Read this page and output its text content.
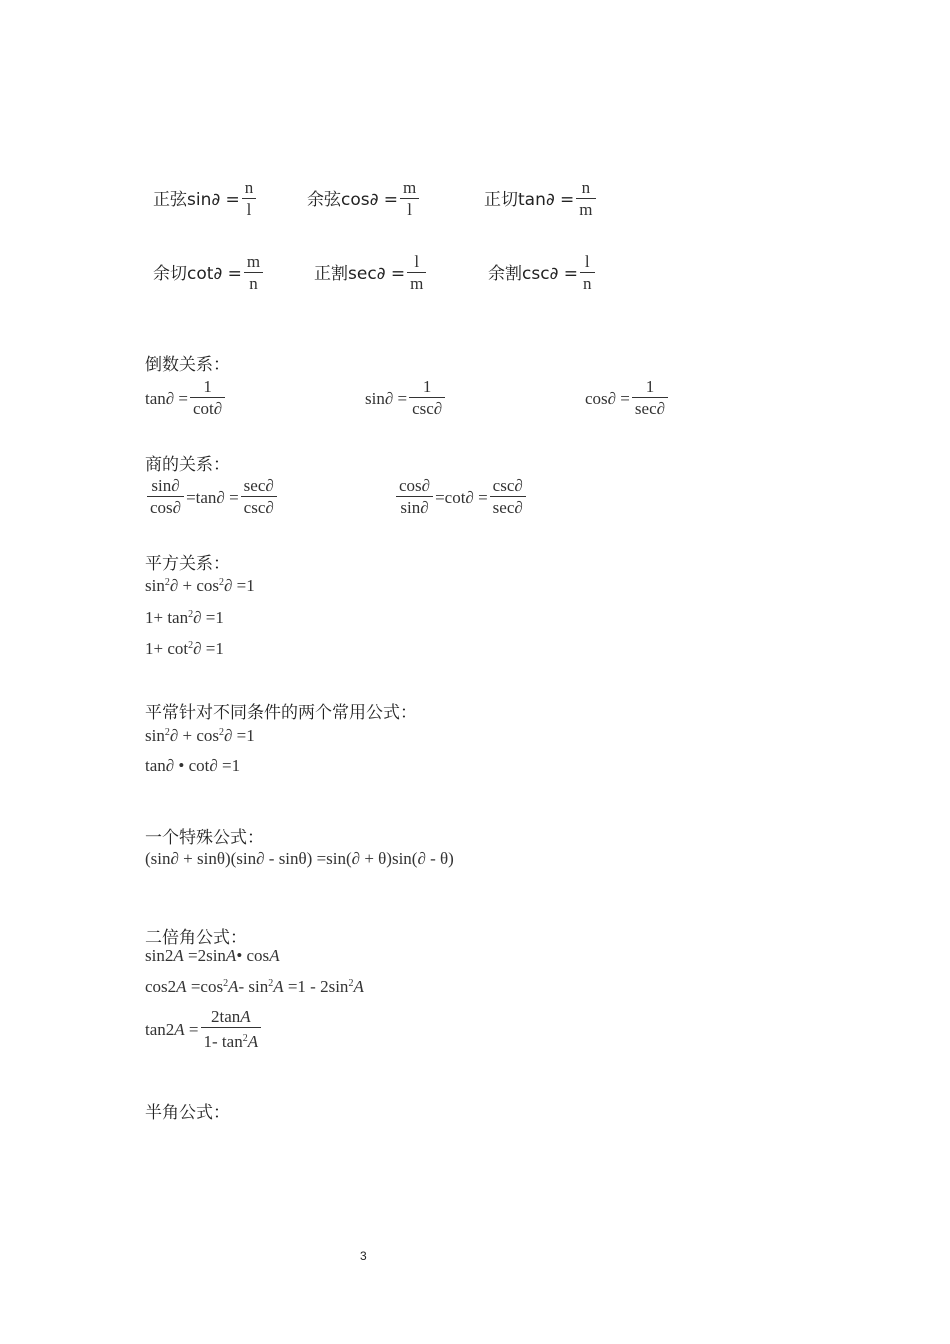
正弦$\sin\partial = \frac{n}{l}$	余弦$\cos\partial = \frac{m}{l}$	正切$\tan\partial = \frac{n}{m}$
余切$\cot\partial = \frac{m}{n}$	正割$\sec\partial = \frac{l}{m}$	余割$\csc\partial = \frac{l}{n}$
倒数关系：
$\tan\partial = \frac{1}{\cot\partial}$	$\sin\partial = \frac{1}{\csc\partial}$	$\cos\partial = \frac{1}{\sec\partial}$
商的关系：
$\frac{\sin\partial}{\cos\partial} =\tan\partial = \frac{\sec\partial}{\csc\partial}$	$\frac{\cos\partial}{\sin\partial} =\cot\partial = \frac{\csc\partial}{\sec\partial}$
平方关系：
$\sin^2\partial + \cos^2\partial =1$
$1+ \tan^2\partial =1$
$1+ \cot^2\partial =1$
平常针对不同条件的两个常用公式：
$\sin^2\partial + \cos^2\partial =1$
tan∂ • cot∂ =1
一个特殊公式：
(sin∂ + sinθ)(sin∂ - sinθ) =sin(∂ + θ)sin(∂ - θ)
二倍角公式：
sin2A =2sinA• cosA
$\cos 2A =\cos^2A-$ $\sin^2A =1 - 2\sin^2A$
$\tan 2A = \frac{2\tan A}{1- \tan^2A}$
半角公式：
3
